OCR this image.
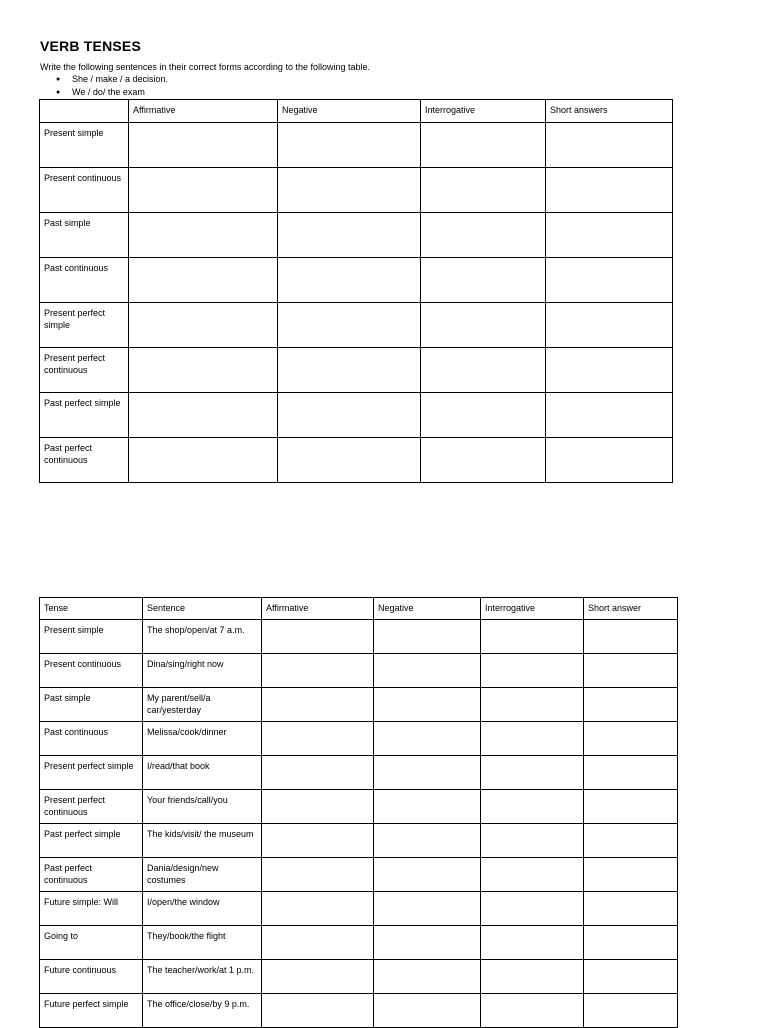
VERB TENSES
Write the following sentences in their correct forms according to the following table.
● She / make / a decision.
● We / do/ the exam
	Affirmative	Negative	Interrogative	Short answers
Present simple				
Present continuous				
Past simple				
Past continuous				
Present perfect simple				
Present perfect continuous				
Past perfect simple				
Past perfect continuous				
Tense	Sentence	Affirmative	Negative	Interrogative	Short answer
Present simple	The shop/open/at 7 a.m.				
Present continuous	Dina/sing/right now				
Past simple	My parent/sell/a car/yesterday				
Past continuous	Melissa/cook/dinner				
Present perfect simple	I/read/that book				
Present perfect continuous	Your friends/call/you				
Past perfect simple	The kids/visit/ the museum				
Past perfect continuous	Dania/design/new costumes				
Future simple: Will	I/open/the window				
Going to	They/book/the flight				
Future continuous	The teacher/work/at 1 p.m.				
Future perfect simple	The office/close/by 9 p.m.				
